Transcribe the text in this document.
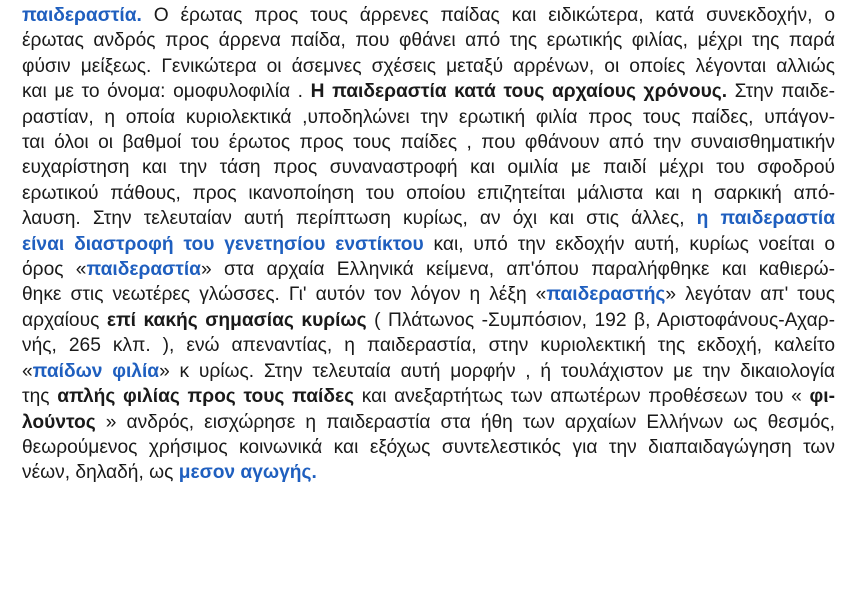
παιδεραστία. Ο έρωτας προς τους άρρενες παίδας και ειδικώτερα, κατά συνεκδοχήν, ο
έρωτας ανδρός προς άρρενα παίδα, που φθάνει από της ερωτικής φιλίας, μέχρι της παρά
φύσιν μείξεως. Γενικώτερα οι άσεμνες σχέσεις μεταξύ αρρένων, οι οποίες λέγονται αλλιώς
και με το όνομα: ομοφυλοφιλία . Η παιδεραστία κατά τους αρχαίους χρόνους. Στην παιδε-
ραστίαν, η οποία κυριολεκτικά ,υποδηλώνει την ερωτική φιλία προς τους παίδες, υπάγον-
ται όλοι οι βαθμοί του έρωτος προς τους παίδες , που φθάνουν από την συναισθηματικήν
ευχαρίστηση και την τάση προς συναναστροφή και ομιλία με παιδί μέχρι του σφοδρού
ερωτικού πάθους, προς ικανοποίηση του οποίου επιζητείται μάλιστα και η σαρκική από-
λαυση. Στην τελευταίαν αυτή περίπτωση κυρίως, αν όχι και στις άλλες, η παιδεραστία
είναι διαστροφή του γενετησίου ενστίκτου και, υπό την εκδοχήν αυτή, κυρίως νοείται ο
όρος «παιδεραστία» στα αρχαία Ελληνικά κείμενα, απ'όπου παραλήφθηκε και καθιερώ-
θηκε στις νεωτέρες γλώσσες. Γι' αυτόν τον λόγον η λέξη «παιδεραστής» λεγόταν απ' τους
αρχαίους επί κακής σημασίας κυρίως ( Πλάτωνος -Συμπόσιον, 192 β, Αριστοφάνους-Αχαρ-
νής, 265 κλπ. ), ενώ απεναντίας, η παιδεραστία, στην κυριολεκτική της εκδοχή, καλείτο
«παίδων φιλία» κ υρίως. Στην τελευταία αυτή μορφήν , ή τουλάχιστον με την δικαιολογία
της απλής φιλίας προς τους παίδες και ανεξαρτήτως των απωτέρων προθέσεων του « φι-
λούντος » ανδρός, εισχώρησε η παιδεραστία στα ήθη των αρχαίων Ελλήνων ως θεσμός,
θεωρούμενος χρήσιμος κοινωνικά και εξόχως συντελεστικός για την διαπαιδαγώγηση των
νέων, δηλαδή, ως μεσον αγωγής.
